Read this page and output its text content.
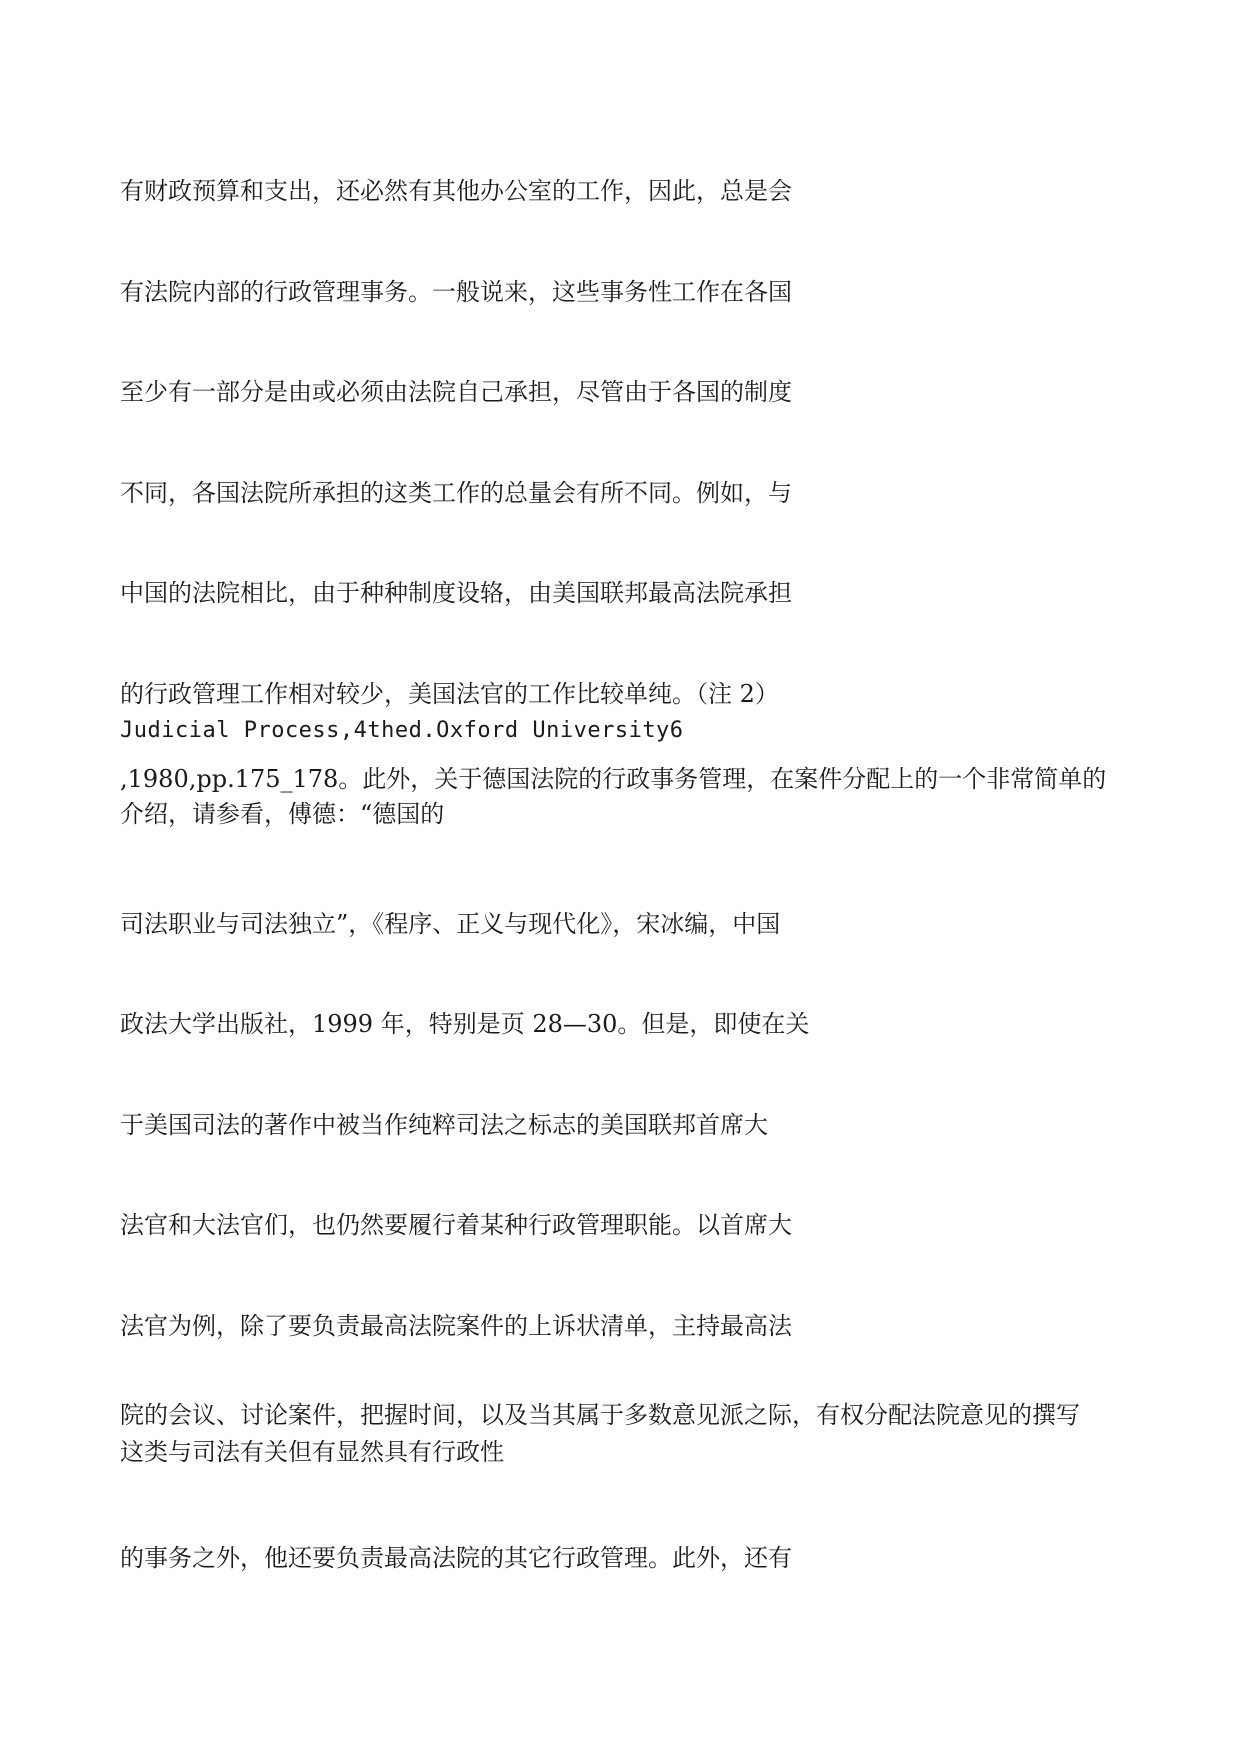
有财政预算和支出，还必然有其他办公室的工作，因此，总是会
有法院内部的行政管理事务。一般说来，这些事务性工作在各国
至少有一部分是由或必须由法院自己承担，尽管由于各国的制度
不同，各国法院所承担的这类工作的总量会有所不同。例如，与
中国的法院相比，由于种种制度设辂，由美国联邦最高法院承担
的行政管理工作相对较少，美国法官的工作比较单纯。（注 2）
Judicial Process,4thed.Oxford University6
,1980,pp.175_178。此外，关于德国法院的行政事务管理，在案件分配上的一个非常简单的
介绍，请参看，傅德：“德国的
司法职业与司法独立”，《程序、正义与现代化》，宋冰编，中国
政法大学出版社，1999 年，特别是页 28—30。但是，即使在关
于美国司法的著作中被当作纯粹司法之标志的美国联邦首席大
法官和大法官们，也仍然要履行着某种行政管理职能。以首席大
法官为例，除了要负责最高法院案件的上诉状清单，主持最高法
院的会议、讨论案件，把握时间，以及当其属于多数意见派之际，有权分配法院意见的撰写
这类与司法有关但有显然具有行政性
的事务之外，他还要负责最高法院的其它行政管理。此外，还有
